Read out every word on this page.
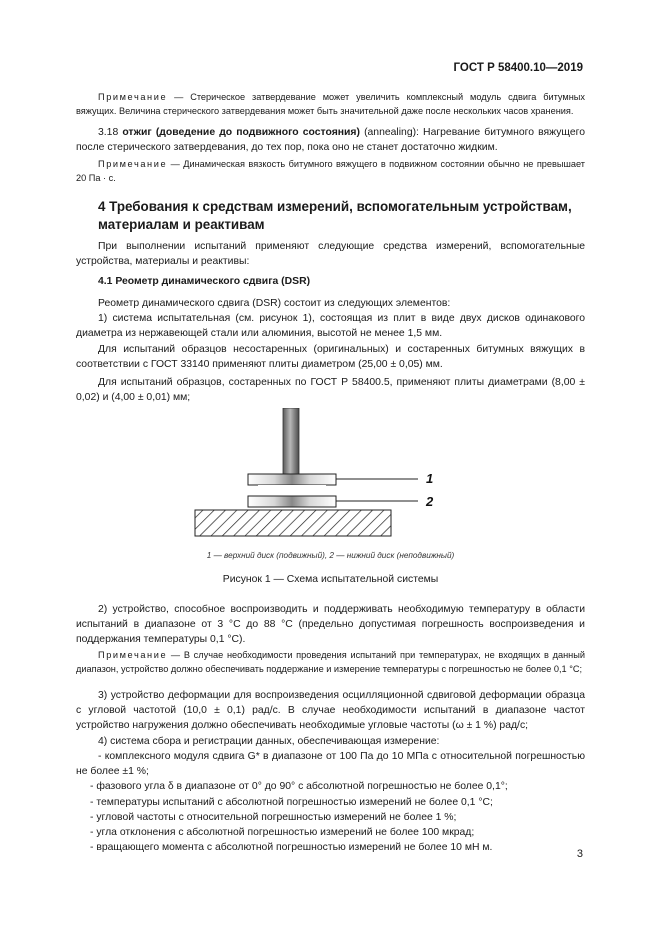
ГОСТ Р 58400.10—2019

Примечание — Стерическое затвердевание может увеличить комплексный модуль сдвига битумных вяжущих. Величина стерического затвердевания может быть значительной даже после нескольких часов хранения.

3.18 отжиг (доведение до подвижного состояния) (annealing): Нагревание битумного вяжущего после стерического затвердевания, до тех пор, пока оно не станет достаточно жидким.

Примечание — Динамическая вязкость битумного вяжущего в подвижном состоянии обычно не превышает 20 Па · с.

4 Требования к средствам измерений, вспомогательным устройствам, материалам и реактивам

При выполнении испытаний применяют следующие средства измерений, вспомогательные устройства, материалы и реактивы:

4.1 Реометр динамического сдвига (DSR)

Реометр динамического сдвига (DSR) состоит из следующих элементов:

1) система испытательная (см. рисунок 1), состоящая из плит в виде двух дисков одинакового диаметра из нержавеющей стали или алюминия, высотой не менее 1,5 мм.

Для испытаний образцов несостаренных (оригинальных) и состаренных битумных вяжущих в соответствии с ГОСТ 33140 применяют плиты диаметром (25,00 ± 0,05) мм.

Для испытаний образцов, состаренных по ГОСТ Р 58400.5, применяют плиты диаметрами (8,00 ± 0,02) и (4,00 ± 0,01) мм;

1
2
1 — верхний диск (подвижный), 2 — нижний диск (неподвижный)
Рисунок 1 — Схема испытательной системы

2) устройство, способное воспроизводить и поддерживать необходимую температуру в области испытаний в диапазоне от 3 °С до 88 °С (предельно допустимая погрешность воспроизведения и поддержания температуры 0,1 °С).

Примечание — В случае необходимости проведения испытаний при температурах, не входящих в данный диапазон, устройство должно обеспечивать поддержание и измерение температуры с погрешностью не более 0,1 °С;

3) устройство деформации для воспроизведения осцилляционной сдвиговой деформации образца с угловой частотой (10,0 ± 0,1) рад/с. В случае необходимости испытаний в диапазоне частот устройство нагружения должно обеспечивать необходимые угловые частоты (ω ± 1 %) рад/с;

4) система сбора и регистрации данных, обеспечивающая измерение:

- комплексного модуля сдвига G* в диапазоне от 100 Па до 10 МПа с относительной погрешностью не более ±1 %;
- фазового угла δ в диапазоне от 0° до 90° с абсолютной погрешностью не более 0,1°;
- температуры испытаний с абсолютной погрешностью измерений не более 0,1 °С;
- угловой частоты с относительной погрешностью измерений не более 1 %;
- угла отклонения с абсолютной погрешностью измерений не более 100 мкрад;
- вращающего момента с абсолютной погрешностью измерений не более 10 мН м.
3
